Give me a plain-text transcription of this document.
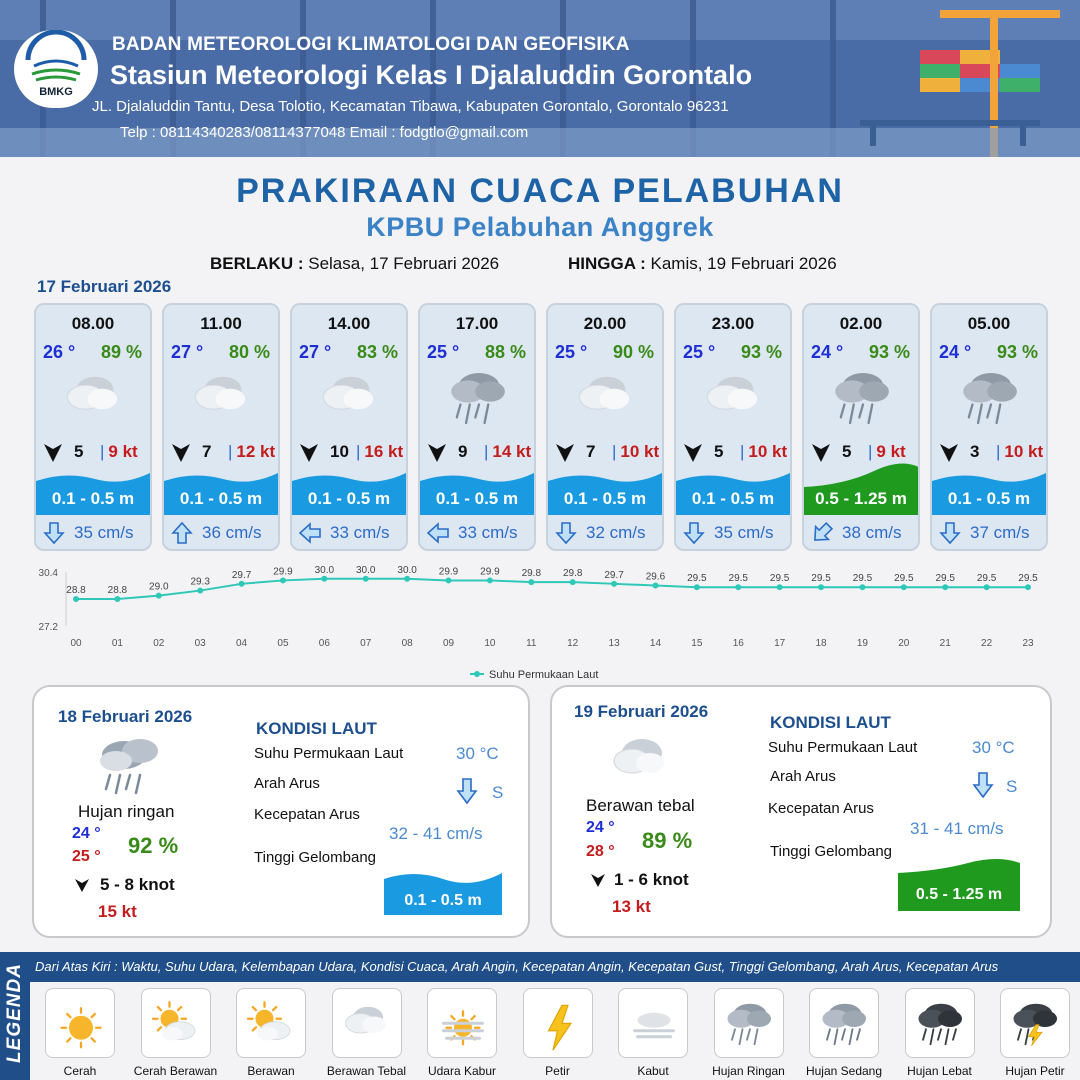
BMKG
BADAN METEOROLOGI KLIMATOLOGI DAN GEOFISIKA
Stasiun Meteorologi Kelas I Djalaluddin Gorontalo
JL. Djalaluddin Tantu, Desa Tolotio, Kecamatan Tibawa, Kabupaten Gorontalo, Gorontalo 96231
Telp : 08114340283/08114377048 Email : fodgtlo@gmail.com
PRAKIRAAN CUACA PELABUHAN
KPBU Pelabuhan Anggrek
BERLAKU : Selasa, 17 Februari 2026	HINGGA : Kamis, 19 Februari 2026
17 Februari 2026
08.00
26 ° 89 %
5 | 9 kt
0.1 - 0.5 m
35 cm/s
11.00
27 ° 80 %
7 | 12 kt
0.1 - 0.5 m
36 cm/s
14.00
27 ° 83 %
10 | 16 kt
0.1 - 0.5 m
33 cm/s
17.00
25 ° 88 %
9 | 14 kt
0.1 - 0.5 m
33 cm/s
20.00
25 ° 90 %
7 | 10 kt
0.1 - 0.5 m
32 cm/s
23.00
25 ° 93 %
5 | 10 kt
0.1 - 0.5 m
35 cm/s
02.00
24 ° 93 %
5 | 9 kt
0.5 - 1.25 m
38 cm/s
05.00
24 ° 93 %
3 | 10 kt
0.1 - 0.5 m
37 cm/s
30.4
27.2
28.8
00
28.8
01
29.0
02
29.3
03
29.7
04
29.9
05
30.0
06
30.0
07
30.0
08
29.9
09
29.9
10
29.8
11
29.8
12
29.7
13
29.6
14
29.5
15
29.5
16
29.5
17
29.5
18
29.5
19
29.5
20
29.5
21
29.5
22
29.5
23
Suhu Permukaan Laut
18 Februari 2026
Hujan ringan
24 °
25 ° 92 %
5 - 8 knot
15 kt
KONDISI LAUT
Suhu Permukaan Laut	30 °C
Arah Arus	S
Kecepatan Arus
32 - 41 cm/s
Tinggi Gelombang
0.1 - 0.5 m
19 Februari 2026
Berawan tebal
24 °
28 ° 89 %
1 - 6 knot
13 kt
KONDISI LAUT
Suhu Permukaan Laut	30 °C
Arah Arus
S
Kecepatan Arus
31 - 41 cm/s
Tinggi Gelombang
0.5 - 1.25 m
LEGENDA Dari Atas Kiri : Waktu, Suhu Udara, Kelembapan Udara, Kondisi Cuaca, Arah Angin, Kecepatan Angin, Kecepatan Gust, Tinggi Gelombang, Arah Arus, Kecepatan Arus
Cerah	Cerah Berawan	Berawan	Berawan Tebal	Udara Kabur	Petir	Kabut	Hujan Ringan	Hujan Sedang	Hujan Lebat	Hujan Petir
